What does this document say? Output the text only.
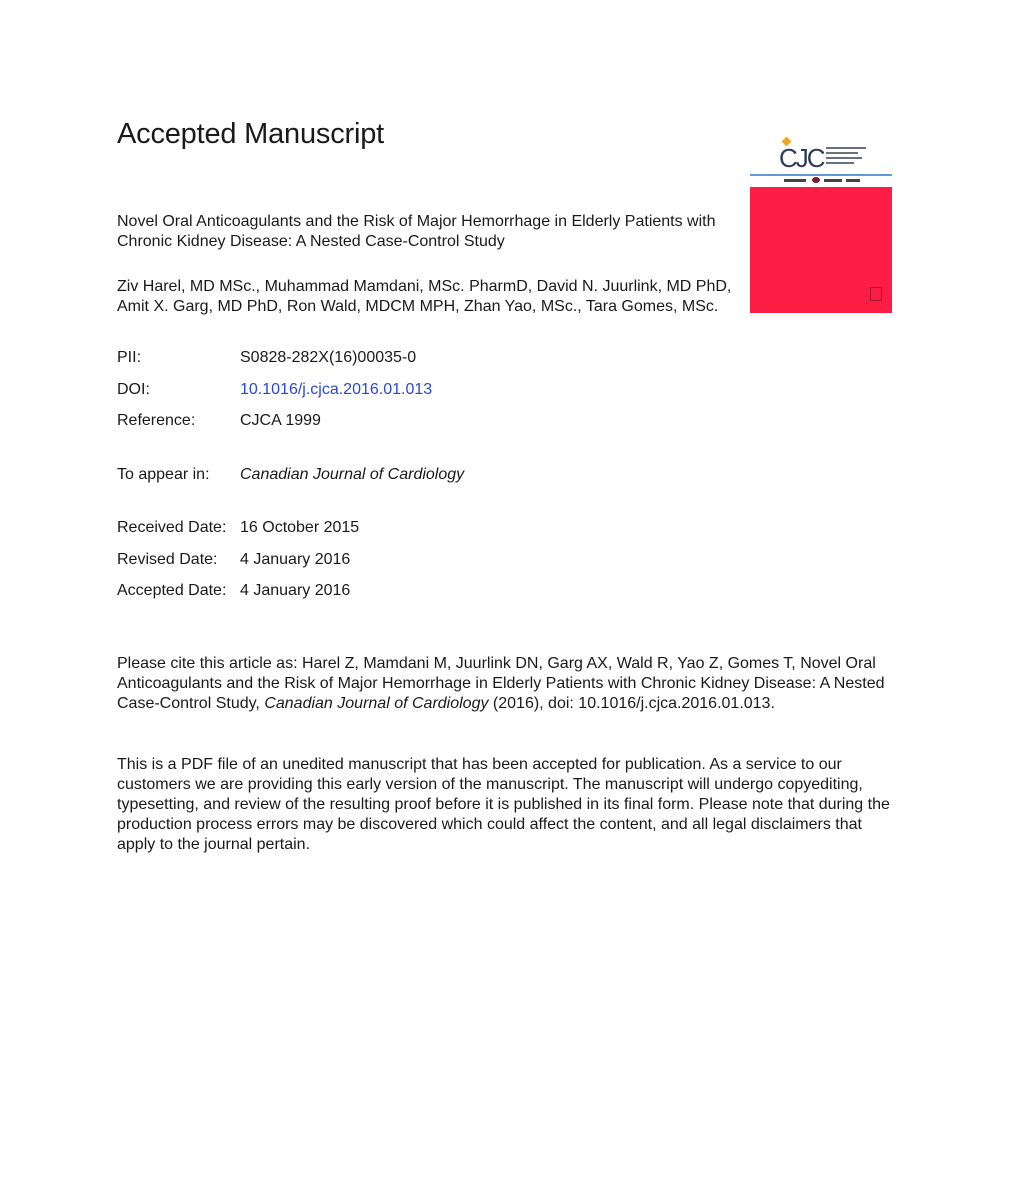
Accepted Manuscript
CJC

Novel Oral Anticoagulants and the Risk of Major Hemorrhage in Elderly Patients with Chronic Kidney Disease: A Nested Case-Control Study

Ziv Harel, MD MSc., Muhammad Mamdani, MSc. PharmD, David N. Juurlink, MD PhD, Amit X. Garg, MD PhD, Ron Wald, MDCM MPH, Zhan Yao, MSc., Tara Gomes, MSc.

PII:	S0828-282X(16)00035-0
DOI:	10.1016/j.cjca.2016.01.013
Reference:	CJCA 1999
To appear in: Canadian Journal of Cardiology
Received Date: 16 October 2015
Revised Date: 4 January 2016
Accepted Date: 4 January 2016

Please cite this article as: Harel Z, Mamdani M, Juurlink DN, Garg AX, Wald R, Yao Z, Gomes T, Novel Oral Anticoagulants and the Risk of Major Hemorrhage in Elderly Patients with Chronic Kidney Disease: A Nested Case-Control Study, Canadian Journal of Cardiology (2016), doi: 10.1016/j.cjca.2016.01.013.

This is a PDF file of an unedited manuscript that has been accepted for publication. As a service to our customers we are providing this early version of the manuscript. The manuscript will undergo copyediting, typesetting, and review of the resulting proof before it is published in its final form. Please note that during the production process errors may be discovered which could affect the content, and all legal disclaimers that apply to the journal pertain.
